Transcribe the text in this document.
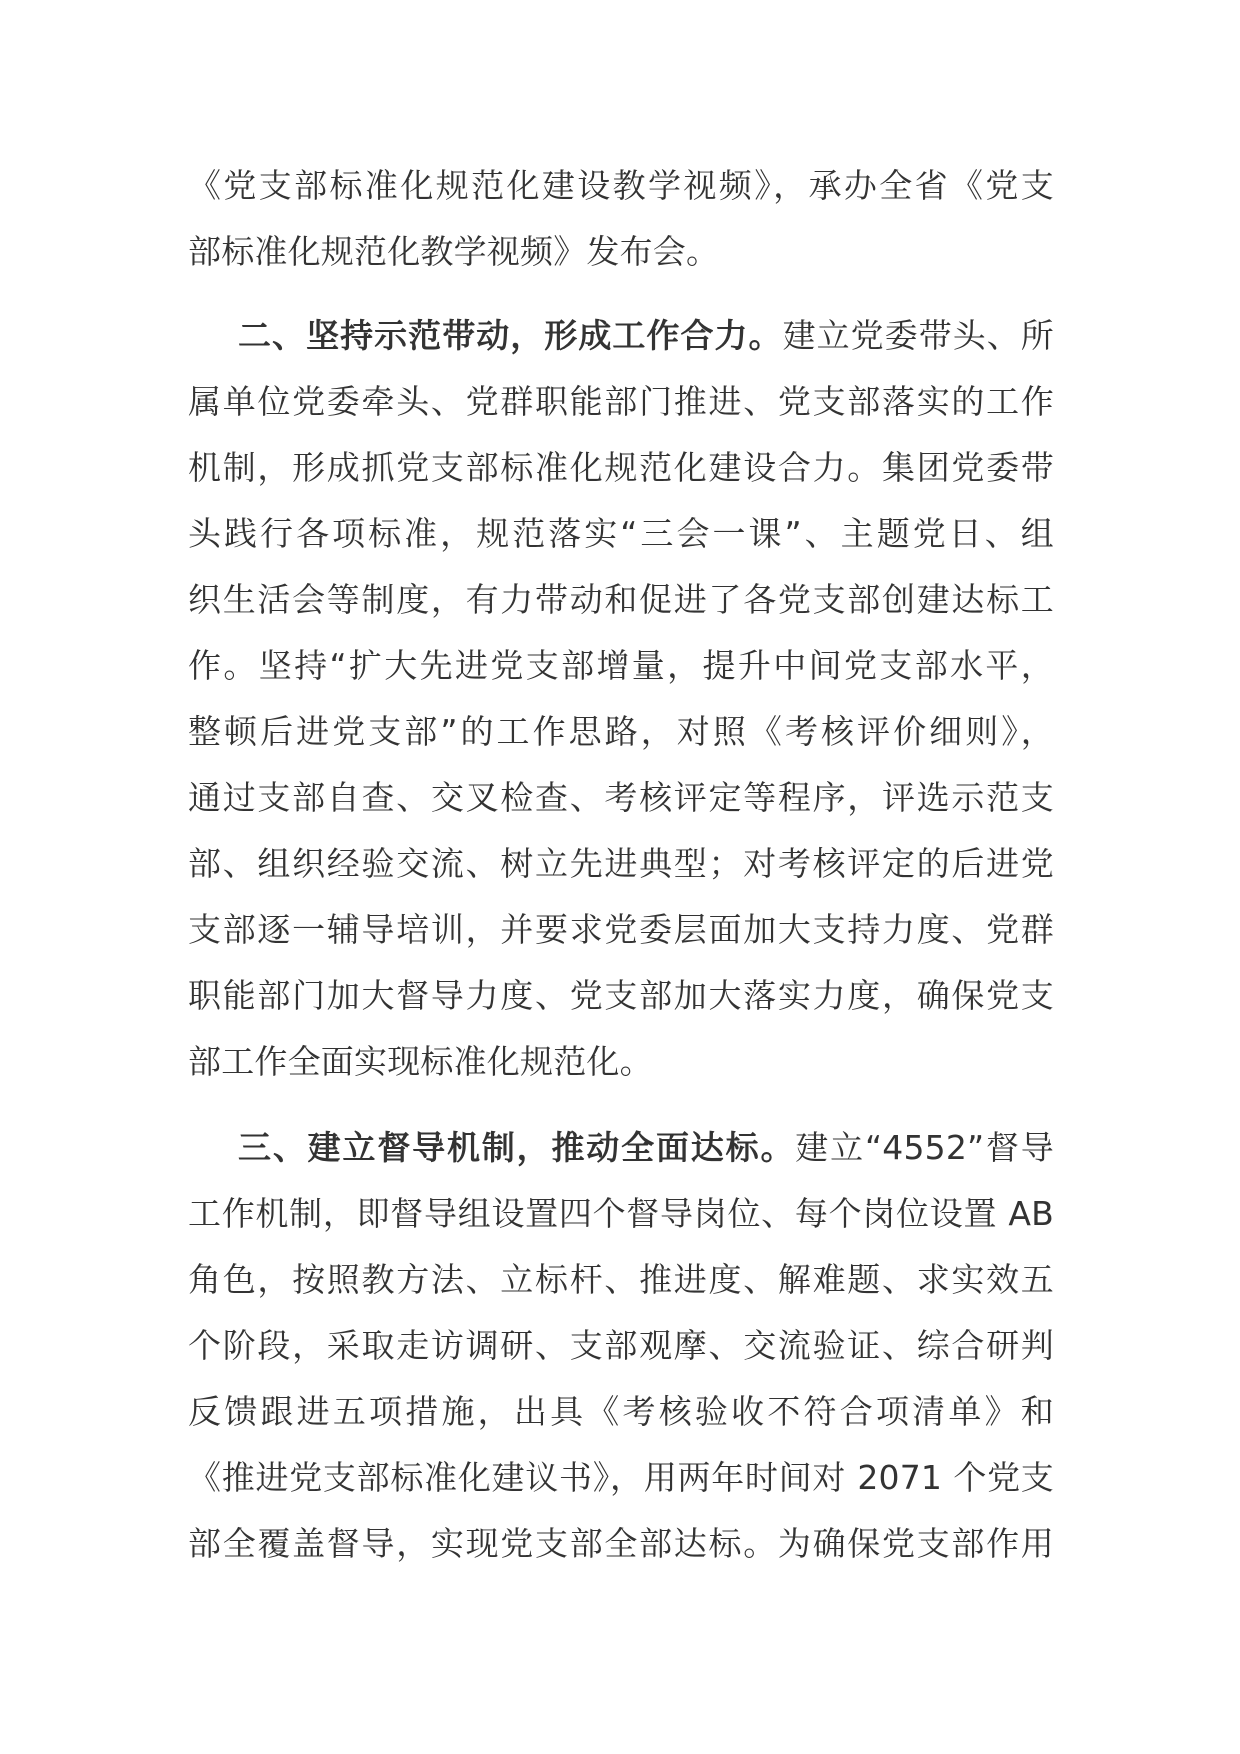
《党支部标准化规范化建设教学视频》，承办全省《党支
部标准化规范化教学视频》发布会。
二、坚持示范带动，形成工作合力。建立党委带头、所
属单位党委牵头、党群职能部门推进、党支部落实的工作
机制，形成抓党支部标准化规范化建设合力。集团党委带
头践行各项标准，规范落实“三会一课”、主题党日、组
织生活会等制度，有力带动和促进了各党支部创建达标工
作。坚持“扩大先进党支部增量，提升中间党支部水平，
整顿后进党支部”的工作思路，对照《考核评价细则》，
通过支部自查、交叉检查、考核评定等程序，评选示范支
部、组织经验交流、树立先进典型；对考核评定的后进党
支部逐一辅导培训，并要求党委层面加大支持力度、党群
职能部门加大督导力度、党支部加大落实力度，确保党支
部工作全面实现标准化规范化。
三、建立督导机制，推动全面达标。建立“4552”督导
工作机制，即督导组设置四个督导岗位、每个岗位设置 AB
角色，按照教方法、立标杆、推进度、解难题、求实效五
个阶段，采取走访调研、支部观摩、交流验证、综合研判
反馈跟进五项措施，出具《考核验收不符合项清单》和
《推进党支部标准化建议书》，用两年时间对 2071 个党支
部全覆盖督导，实现党支部全部达标。为确保党支部作用
